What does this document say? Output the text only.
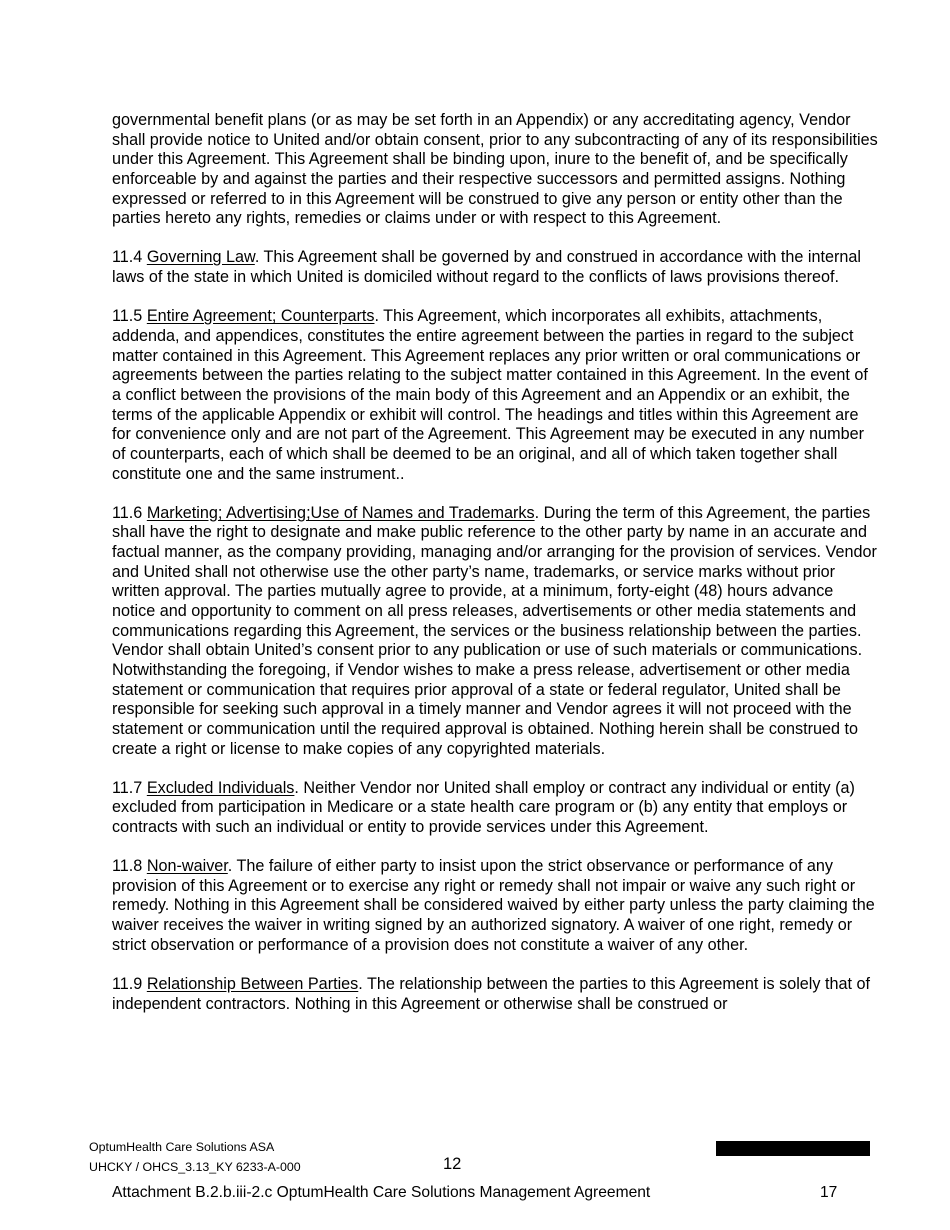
governmental benefit plans (or as may be set forth in an Appendix) or any accreditating agency, Vendor shall provide notice to United and/or obtain consent, prior to any subcontracting of any of its responsibilities under this Agreement. This Agreement shall be binding upon, inure to the benefit of, and be specifically enforceable by and against the parties and their respective successors and permitted assigns. Nothing expressed or referred to in this Agreement will be construed to give any person or entity other than the parties hereto any rights, remedies or claims under or with respect to this Agreement.

11.4 Governing Law. This Agreement shall be governed by and construed in accordance with the internal laws of the state in which United is domiciled without regard to the conflicts of laws provisions thereof.

11.5 Entire Agreement; Counterparts. This Agreement, which incorporates all exhibits, attachments, addenda, and appendices, constitutes the entire agreement between the parties in regard to the subject matter contained in this Agreement. This Agreement replaces any prior written or oral communications or agreements between the parties relating to the subject matter contained in this Agreement. In the event of a conflict between the provisions of the main body of this Agreement and an Appendix or an exhibit, the terms of the applicable Appendix or exhibit will control. The headings and titles within this Agreement are for convenience only and are not part of the Agreement. This Agreement may be executed in any number of counterparts, each of which shall be deemed to be an original, and all of which taken together shall constitute one and the same instrument..

11.6 Marketing; Advertising;Use of Names and Trademarks. During the term of this Agreement, the parties shall have the right to designate and make public reference to the other party by name in an accurate and factual manner, as the company providing, managing and/or arranging for the provision of services. Vendor and United shall not otherwise use the other party’s name, trademarks, or service marks without prior written approval. The parties mutually agree to provide, at a minimum, forty-eight (48) hours advance notice and opportunity to comment on all press releases, advertisements or other media statements and communications regarding this Agreement, the services or the business relationship between the parties. Vendor shall obtain United’s consent prior to any publication or use of such materials or communications. Notwithstanding the foregoing, if Vendor wishes to make a press release, advertisement or other media statement or communication that requires prior approval of a state or federal regulator, United shall be responsible for seeking such approval in a timely manner and Vendor agrees it will not proceed with the statement or communication until the required approval is obtained. Nothing herein shall be construed to create a right or license to make copies of any copyrighted materials.

11.7 Excluded Individuals. Neither Vendor nor United shall employ or contract any individual or entity (a) excluded from participation in Medicare or a state health care program or (b) any entity that employs or contracts with such an individual or entity to provide services under this Agreement.

11.8 Non-waiver. The failure of either party to insist upon the strict observance or performance of any provision of this Agreement or to exercise any right or remedy shall not impair or waive any such right or remedy. Nothing in this Agreement shall be considered waived by either party unless the party claiming the waiver receives the waiver in writing signed by an authorized signatory. A waiver of one right, remedy or strict observation or performance of a provision does not constitute a waiver of any other.

11.9 Relationship Between Parties. The relationship between the parties to this Agreement is solely that of independent contractors. Nothing in this Agreement or otherwise shall be construed or

OptumHealth Care Solutions ASA
UHCKY / OHCS_3.13_KY 6233-A-000	12
Attachment B.2.b.iii-2.c OptumHealth Care Solutions Management Agreement	17
